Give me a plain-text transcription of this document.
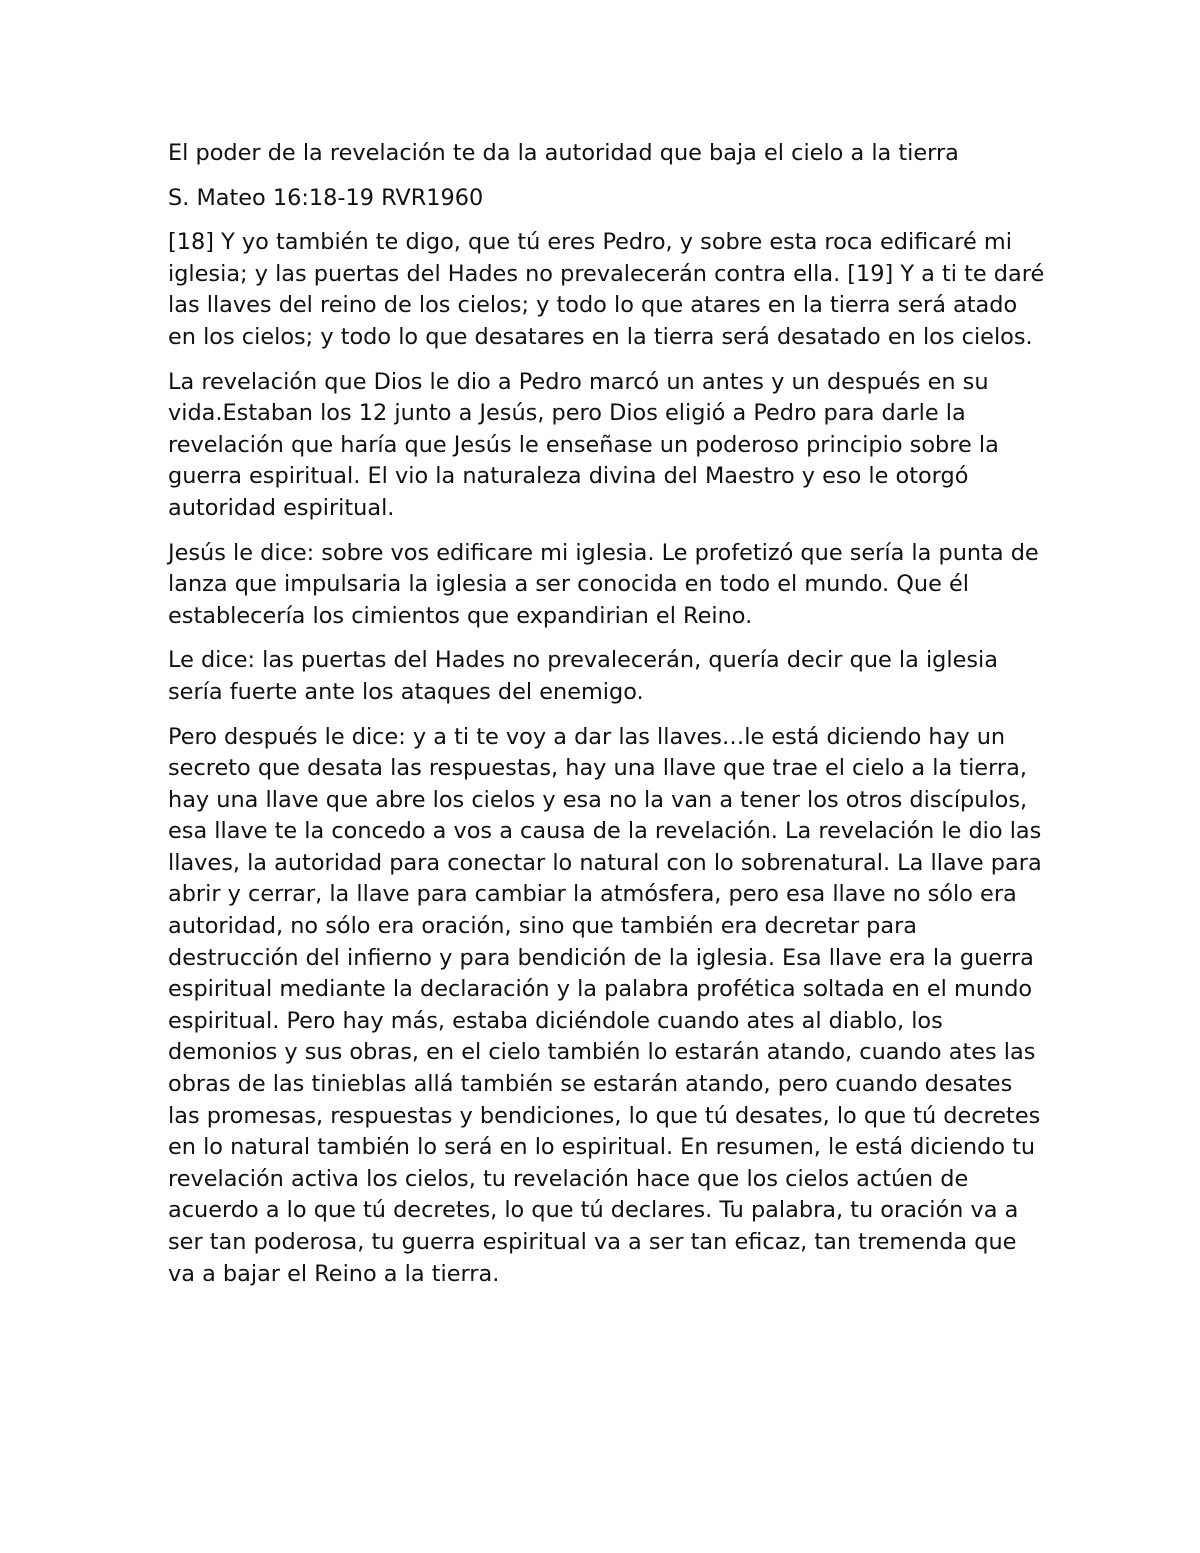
El poder de la revelación te da la autoridad que baja el cielo a la tierra

S. Mateo 16:18-19 RVR1960

[18] Y yo también te digo, que tú eres Pedro, y sobre esta roca edificaré mi iglesia; y las puertas del Hades no prevalecerán contra ella. [19] Y a ti te daré las llaves del reino de los cielos; y todo lo que atares en la tierra será atado en los cielos; y todo lo que desatares en la tierra será desatado en los cielos.

La revelación que Dios le dio a Pedro marcó un antes y un después en su vida.Estaban los 12 junto a Jesús, pero Dios eligió a Pedro para darle la revelación que haría que Jesús le enseñase un poderoso principio sobre la guerra espiritual. El vio la naturaleza divina del Maestro y eso le otorgó autoridad espiritual.

Jesús le dice: sobre vos edificare mi iglesia. Le profetizó que sería la punta de lanza que impulsaria la iglesia a ser conocida en todo el mundo. Que él establecería los cimientos que expandirian el Reino.

Le dice: las puertas del Hades no prevalecerán, quería decir que la iglesia sería fuerte ante los ataques del enemigo.

Pero después le dice: y a ti te voy a dar las llaves…le está diciendo hay un secreto que desata las respuestas, hay una llave que trae el cielo a la tierra, hay una llave que abre los cielos y esa no la van a tener los otros discípulos, esa llave te la concedo a vos a causa de la revelación. La revelación le dio las llaves, la autoridad para conectar lo natural con lo sobrenatural. La llave para abrir y cerrar, la llave para cambiar la atmósfera, pero esa llave no sólo era autoridad, no sólo era oración, sino que también era decretar para destrucción del infierno y para bendición de la iglesia. Esa llave era la guerra espiritual mediante la declaración y la palabra profética soltada en el mundo espiritual. Pero hay más, estaba diciéndole cuando ates al diablo, los demonios y sus obras, en el cielo también lo estarán atando, cuando ates las obras de las tinieblas allá también se estarán atando, pero cuando desates las promesas, respuestas y bendiciones, lo que tú desates, lo que tú decretes en lo natural también lo será en lo espiritual. En resumen, le está diciendo tu revelación activa los cielos, tu revelación hace que los cielos actúen de acuerdo a lo que tú decretes, lo que tú declares. Tu palabra, tu oración va a ser tan poderosa, tu guerra espiritual va a ser tan eficaz, tan tremenda que va a bajar el Reino a la tierra.
